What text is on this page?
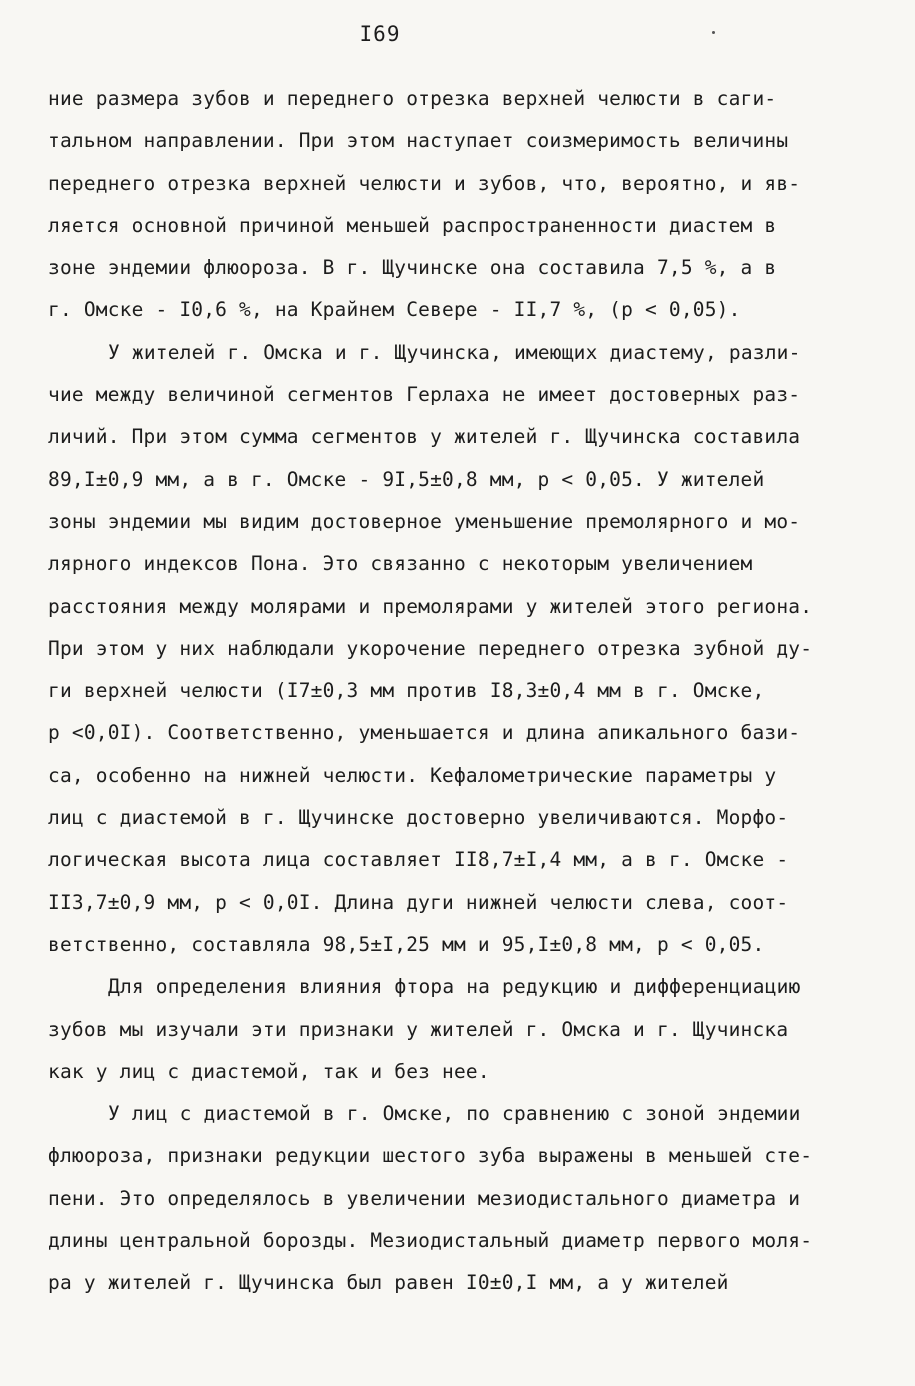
I69
ние размера зубов и переднего отрезка верхней челюсти в саги-
тальном направлении. При этом наступает соизмеримость величины
переднего отрезка верхней челюсти и зубов, что, вероятно, и яв-
ляется основной причиной меньшей распространенности диастем в
зоне эндемии флюороза. В г. Щучинске она составила 7,5 %, а в
г. Омске - I0,6 %, на Крайнем Севере - II,7 %, (р < 0,05).
У жителей г. Омска и г. Щучинска, имеющих диастему, разли-
чие между величиной сегментов Герлаха не имеет достоверных раз-
личий. При этом сумма сегментов у жителей г. Щучинска составила
89,I±0,9 мм, а в г. Омске - 9I,5±0,8 мм, р < 0,05. У жителей
зоны эндемии мы видим достоверное уменьшение премолярного и мо-
лярного индексов Пона. Это связанно с некоторым увеличением
расстояния между молярами и премолярами у жителей этого региона.
При этом у них наблюдали укорочение переднего отрезка зубной ду-
ги верхней челюсти (I7±0,3 мм против I8,3±0,4 мм в г. Омске,
р <0,0I). Соответственно, уменьшается и длина апикального бази-
са, особенно на нижней челюсти. Кефалометрические параметры у
лиц с диастемой в г. Щучинске достоверно увеличиваются. Морфо-
логическая высота лица составляет II8,7±I,4 мм, а в г. Омске -
II3,7±0,9 мм, р < 0,0I. Длина дуги нижней челюсти слева, соот-
ветственно, составляла 98,5±I,25 мм и 95,I±0,8 мм, р < 0,05.
Для определения влияния фтора на редукцию и дифференциацию
зубов мы изучали эти признаки у жителей г. Омска и г. Щучинска
как у лиц с диастемой, так и без нее.
У лиц с диастемой в г. Омске, по сравнению с зоной эндемии
флюороза, признаки редукции шестого зуба выражены в меньшей сте-
пени. Это определялось в увеличении мезиодистального диаметра и
длины центральной борозды. Мезиодистальный диаметр первого моля-
ра у жителей г. Щучинска был равен I0±0,I мм, а у жителей
